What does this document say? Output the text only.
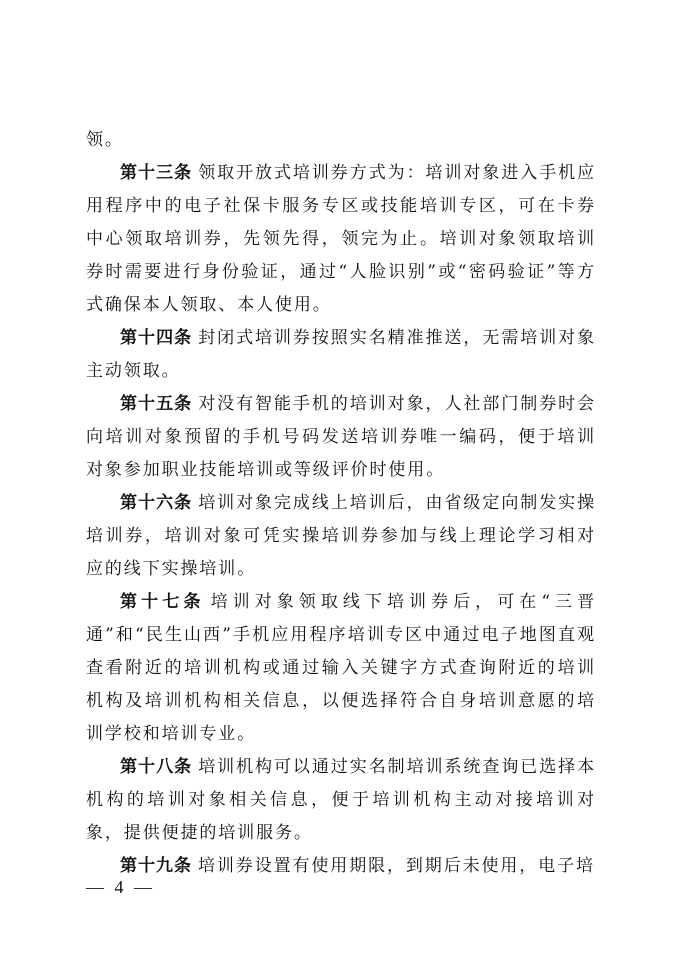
领。

第十三条 领取开放式培训券方式为：培训对象进入手机应用程序中的电子社保卡服务专区或技能培训专区，可在卡券中心领取培训券，先领先得，领完为止。培训对象领取培训券时需要进行身份验证，通过“人脸识别”或“密码验证”等方式确保本人领取、本人使用。

第十四条 封闭式培训券按照实名精准推送，无需培训对象主动领取。

第十五条 对没有智能手机的培训对象，人社部门制券时会向培训对象预留的手机号码发送培训券唯一编码，便于培训对象参加职业技能培训或等级评价时使用。

第十六条 培训对象完成线上培训后，由省级定向制发实操培训券，培训对象可凭实操培训券参加与线上理论学习相对应的线下实操培训。

第十七条 培训对象领取线下培训券后，可在“三晋通”和“民生山西”手机应用程序培训专区中通过电子地图直观查看附近的培训机构或通过输入关键字方式查询附近的培训机构及培训机构相关信息，以便选择符合自身培训意愿的培训学校和培训专业。

第十八条 培训机构可以通过实名制培训系统查询已选择本机构的培训对象相关信息，便于培训机构主动对接培训对象，提供便捷的培训服务。

第十九条 培训券设置有使用期限，到期后未使用，电子培

— 4 —
